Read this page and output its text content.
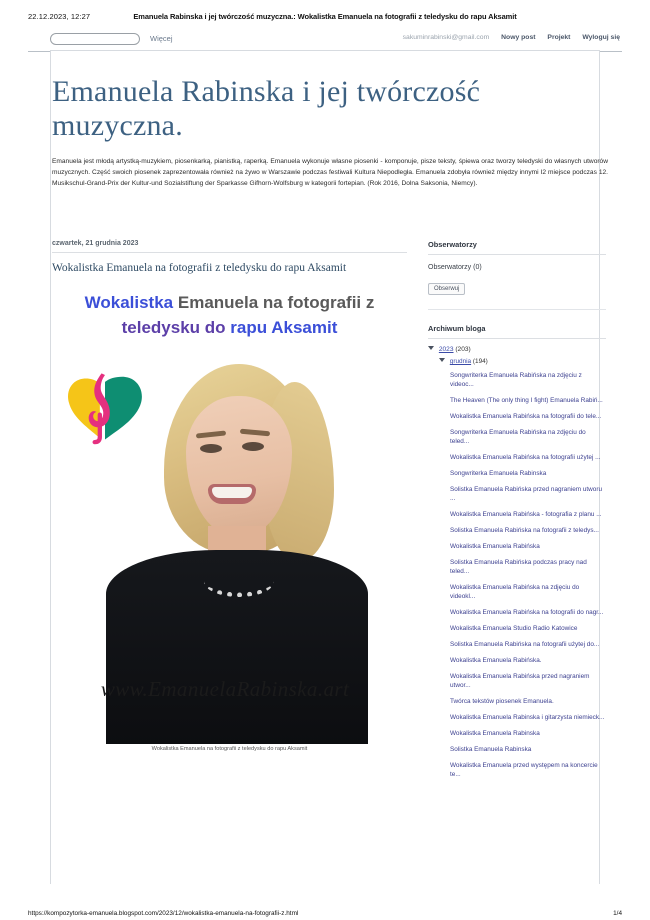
22.12.2023, 12:27	Emanuela Rabinska i jej twórczość muzyczna.: Wokalistka Emanuela na fotografii z teledysku do rapu Aksamit
Więcej	sakuminrabinski@gmail.com Nowy post Projekt Wyloguj się
Emanuela Rabinska i jej twórczość muzyczna.
Emanuela jest młodą artystką-muzykiem, piosenkarką, pianistką, raperką. Emanuela wykonuje własne piosenki - komponuje, pisze teksty, śpiewa oraz tworzy teledyski do własnych utworów muzycznych. Część swoich piosenek zaprezentowała również na żywo w Warszawie podczas festiwali Kultura Niepodległa. Emanuela zdobyła również między innymi I2 miejsce podczas 12. Musikschul-Grand-Prix der Kultur-und Sozialstiftung der Sparkasse Gifhorn-Wolfsburg w kategorii fortepian. (Rok 2016, Dolna Saksonia, Niemcy).
czwartek, 21 grudnia 2023
Wokalistka Emanuela na fotografii z teledysku do rapu Aksamit
Wokalistka Emanuela na fotografii z teledysku do rapu Aksamit
www.EmanuelaRabinska.art
Wokalistka Emanuela na fotografii z teledysku do rapu Aksamit
Obserwatorzy
Obserwatorzy (0)
Obserwuj
Archiwum bloga
2023 (203)
grudnia (194)
Songwriterka Emanuela Rabińska na zdjęciu z videoc...
The Heaven (The only thing I fight) Emanuela Rabiń...
Wokalistka Emanuela Rabińska na fotografii do tele...
Songwriterka Emanuela Rabińska na zdjęciu do teled...
Wokalistka Emanuela Rabińska na fotografii użytej ...
Songwriterka Emanuela Rabinska
Solistka Emanuela Rabińska przed nagraniem utworu ...
Wokalistka Emanuela Rabińska - fotografia z planu ...
Solistka Emanuela Rabińska na fotografii z teledys...
Wokalistka Emanuela Rabińska
Solistka Emanuela Rabińska podczas pracy nad teled...
Wokalistka Emanuela Rabińska na zdjęciu do videokl...
Wokalistka Emanuela Rabińska na fotografii do nagr...
Wokalistka Emanuela Studio Radio Katowice
Solistka Emanuela Rabińska na fotografii użytej do...
Wokalistka Emanuela Rabińska.
Wokalistka Emanuela Rabińska przed nagraniem utwor...
Twórca tekstów piosenek Emanuela.
Wokalistka Emanuela Rabinska i gitarzysta niemieck...
Wokalistka Emanuela Rabinska
Solistka Emanuela Rabinska
Wokalistka Emanuela przed występem na koncercie te...
https://kompozytorka-emanuela.blogspot.com/2023/12/wokalistka-emanuela-na-fotografii-z.html	1/4
